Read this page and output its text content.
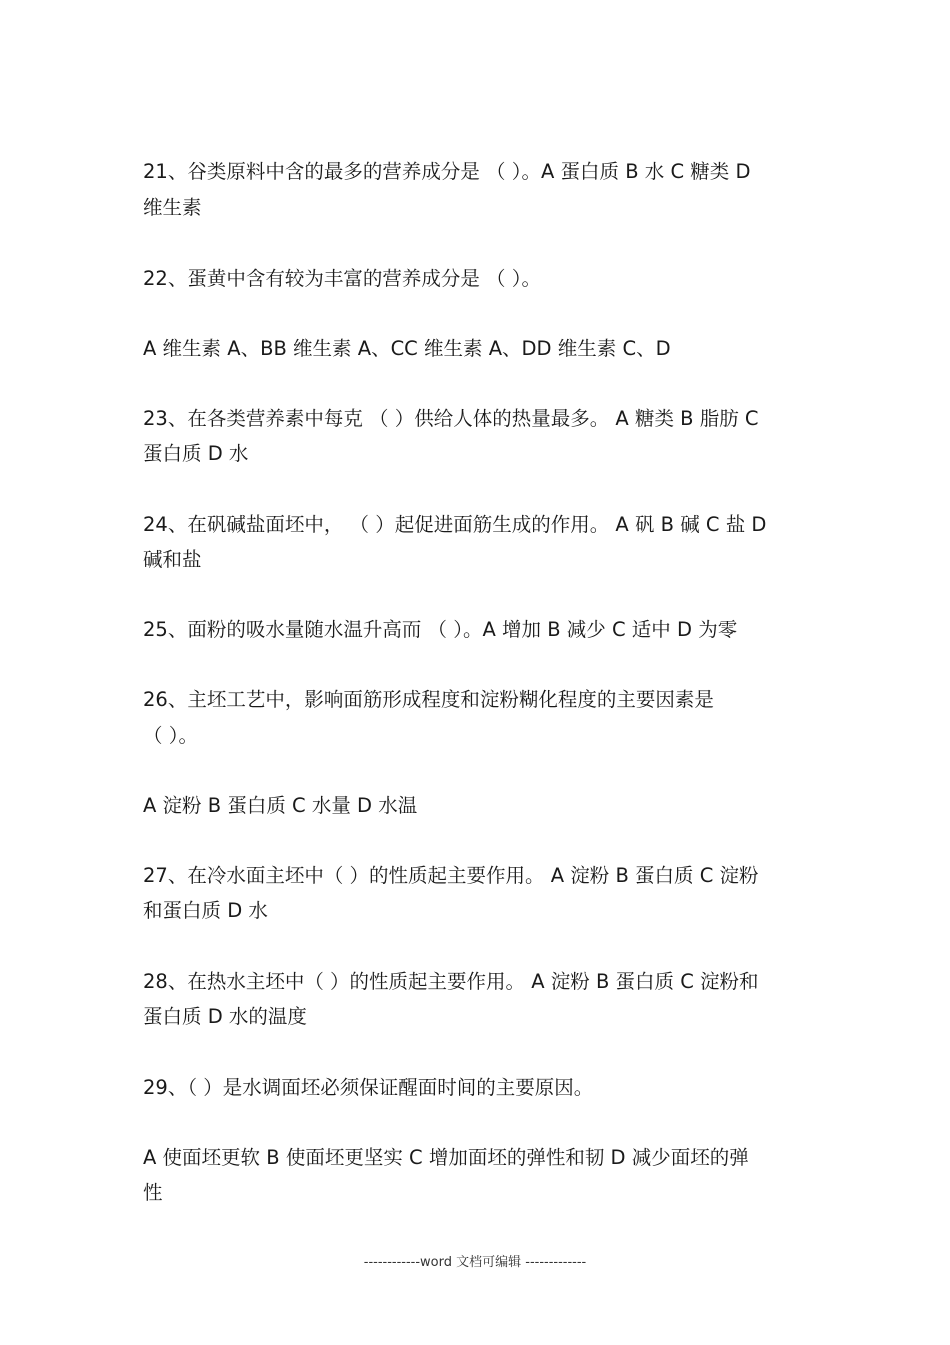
21、谷类原料中含的最多的营养成分是 （ ）。A 蛋白质 B 水 C 糖类 D
维生素
22、蛋黄中含有较为丰富的营养成分是 （ ）。
A 维生素 A、BB 维生素 A、CC 维生素 A、DD 维生素 C、D
23、在各类营养素中每克 （ ）供给人体的热量最多。 A 糖类 B 脂肪 C
蛋白质 D 水
24、在矾碱盐面坯中， （ ）起促进面筋生成的作用。 A 矾 B 碱 C 盐 D
碱和盐
25、面粉的吸水量随水温升高而 （ ）。A 增加 B 减少 C 适中 D 为零
26、主坯工艺中，影响面筋形成程度和淀粉糊化程度的主要因素是
（ ）。
A 淀粉 B 蛋白质 C 水量 D 水温
27、在冷水面主坯中（ ）的性质起主要作用。 A 淀粉 B 蛋白质 C 淀粉
和蛋白质 D 水
28、在热水主坯中（ ）的性质起主要作用。 A 淀粉 B 蛋白质 C 淀粉和
蛋白质 D 水的温度
29、（ ）是水调面坯必须保证醒面时间的主要原因。
A 使面坯更软 B 使面坯更坚实 C 增加面坯的弹性和韧 D 减少面坯的弹
性
------------word 文档可编辑 -------------
